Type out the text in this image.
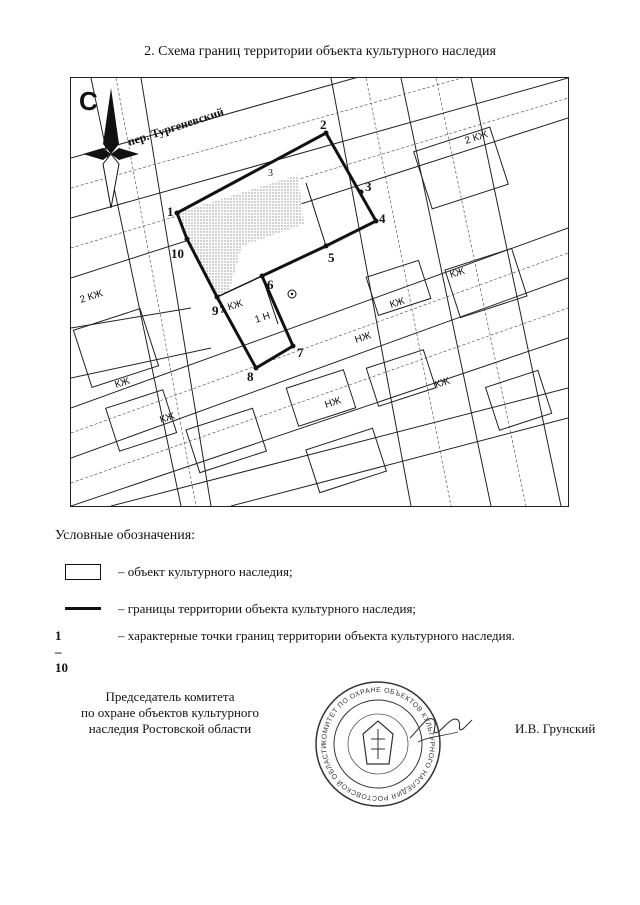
2. Схема границ территории объекта культурного наследия
2 КЖ
2 КЖ
2 КЖ
1 Н
КЖ
КЖ
НЖ
КЖ
НЖ
КЖ
КЖ
1
2
3
4
5
6
7
8
9
10
3
С
пер. Тургеневский
Условные обозначения:
– объект культурного наследия;
– границы территории объекта культурного наследия;
1 – 10
– характерные точки границ территории объекта культурного наследия.
Председатель комитета
по охране объектов культурного
наследия Ростовской области
КОМИТЕТ ПО ОХРАНЕ ОБЪЕКТОВ КУЛЬТУРНОГО НАСЛЕДИЯ РОСТОВСКОЙ ОБЛАСТИ
И.В. Грунский
